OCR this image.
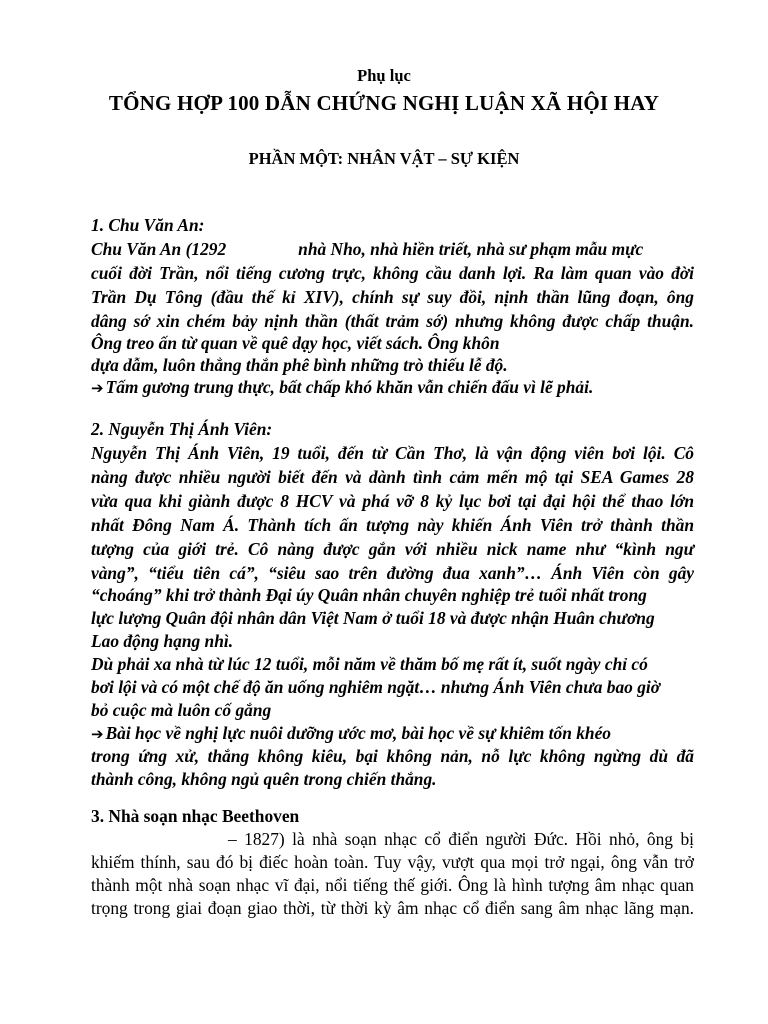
Phụ lục
TỔNG HỢP 100 DẪN CHỨNG NGHỊ LUẬN XÃ HỘI HAY
PHẦN MỘT: NHÂN VẬT – SỰ KIỆN
1. Chu Văn An:
Chu Văn An (1292	nhà Nho, nhà hiền triết, nhà sư phạm mẫu mực
cuối đời Trần, nổi tiếng cương trực, không cầu danh lợi. Ra làm quan vào đời
Trần Dụ Tông (đầu thế kỉ XIV), chính sự suy đồi, nịnh thần lũng đoạn, ông
dâng sớ xin chém bảy nịnh thần (thất trảm sớ) nhưng không được chấp thuận.
Ông treo ấn từ quan về quê dạy học, viết sách. Ông khôn
dựa dẫm, luôn thẳng thắn phê bình những trò thiếu lễ độ.
➔ Tấm gương trung thực, bất chấp khó khăn vẫn chiến đấu vì lẽ phải.
2. Nguyễn Thị Ánh Viên:
Nguyễn Thị Ánh Viên, 19 tuổi, đến từ Cần Thơ, là vận động viên bơi lội. Cô
nàng được nhiều người biết đến và dành tình cảm mến mộ tại SEA Games 28
vừa qua khi giành được 8 HCV và phá vỡ 8 kỷ lục bơi tại đại hội thể thao lớn
nhất Đông Nam Á. Thành tích ấn tượng này khiến Ánh Viên trở thành thần
tượng của giới trẻ. Cô nàng được gắn với nhiều nick name như “kình ngư
vàng”, “tiểu tiên cá”, “siêu sao trên đường đua xanh”… Ánh Viên còn gây
“choáng” khi trở thành Đại úy Quân nhân chuyên nghiệp trẻ tuổi nhất trong
lực lượng Quân đội nhân dân Việt Nam ở tuổi 18 và được nhận Huân chương
Lao động hạng nhì.
Dù phải xa nhà từ lúc 12 tuổi, mỗi năm về thăm bố mẹ rất ít, suốt ngày chỉ có
bơi lội và có một chế độ ăn uống nghiêm ngặt… nhưng Ánh Viên chưa bao giờ
bỏ cuộc mà luôn cố gắng
➔ Bài học về nghị lực nuôi dưỡng ước mơ, bài học về sự khiêm tốn khéo
trong ứng xử, thắng không kiêu, bại không nản, nỗ lực không ngừng dù đã
thành công, không ngủ quên trong chiến thắng.
3. Nhà soạn nhạc Beethoven
– 1827) là nhà soạn nhạc cổ điển người Đức. Hồi nhỏ, ông bị
khiếm thính, sau đó bị điếc hoàn toàn. Tuy vậy, vượt qua mọi trở ngại, ông vẫn trở
thành một nhà soạn nhạc vĩ đại, nổi tiếng thế giới. Ông là hình tượng âm nhạc quan
trọng trong giai đoạn giao thời, từ thời kỳ âm nhạc cổ điển sang âm nhạc lãng mạn.
